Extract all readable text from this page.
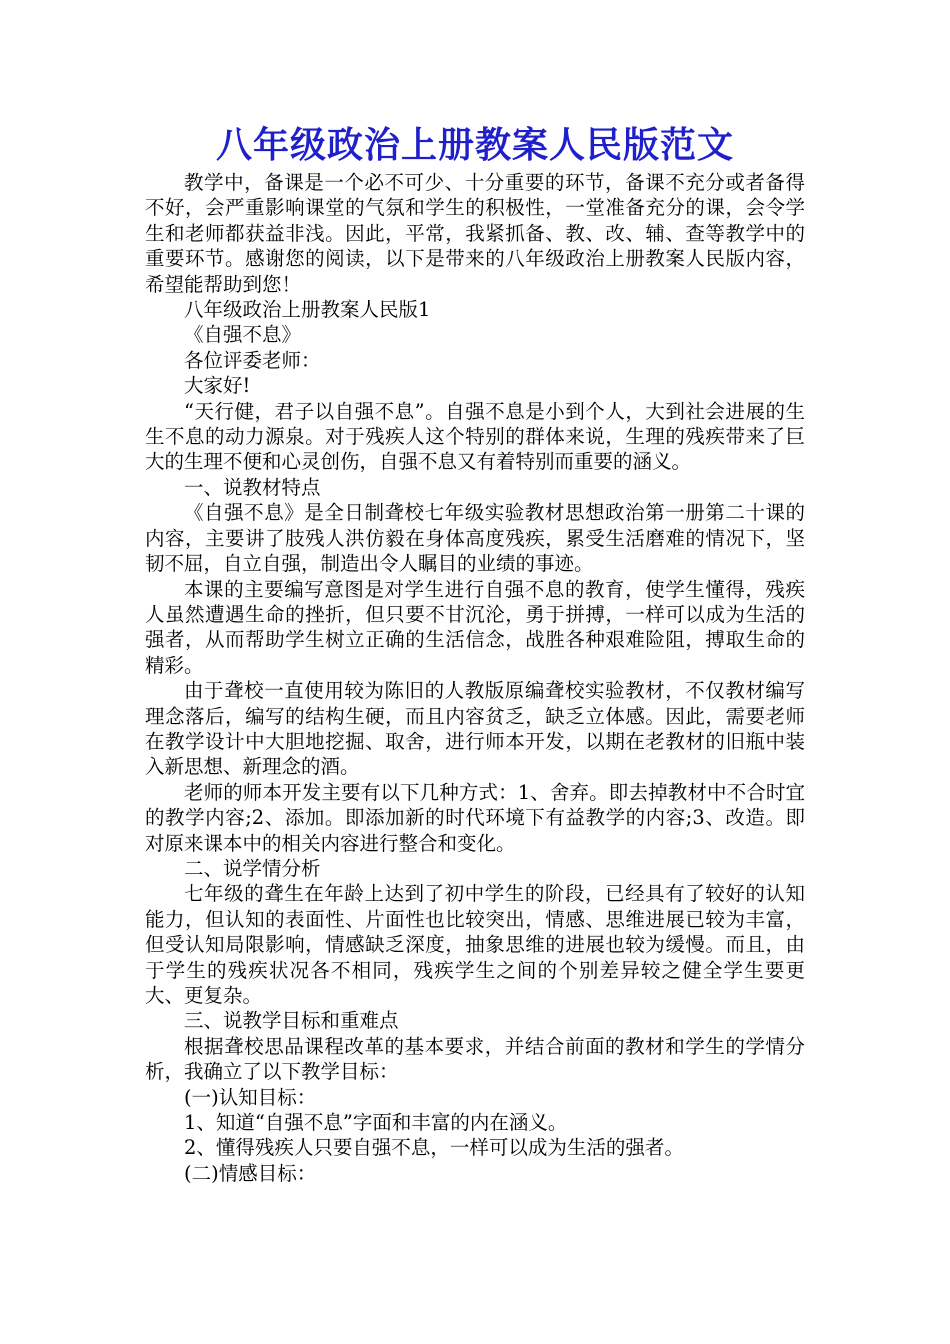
八年级政治上册教案人民版范文

教学中，备课是一个必不可少、十分重要的环节，备课不充分或者备得不好，会严重影响课堂的气氛和学生的积极性，一堂准备充分的课，会令学生和老师都获益非浅。因此，平常，我紧抓备、教、改、辅、查等教学中的重要环节。感谢您的阅读，以下是带来的八年级政治上册教案人民版内容，希望能帮助到您！

八年级政治上册教案人民版1

《自强不息》

各位评委老师：

大家好!

“天行健，君子以自强不息”。自强不息是小到个人，大到社会进展的生生不息的动力源泉。对于残疾人这个特别的群体来说，生理的残疾带来了巨大的生理不便和心灵创伤，自强不息又有着特别而重要的涵义。

一、说教材特点

《自强不息》是全日制聋校七年级实验教材思想政治第一册第二十课的内容，主要讲了肢残人洪仿毅在身体高度残疾，累受生活磨难的情况下，坚韧不屈，自立自强，制造出令人瞩目的业绩的事迹。

本课的主要编写意图是对学生进行自强不息的教育，使学生懂得，残疾人虽然遭遇生命的挫折，但只要不甘沉沦，勇于拼搏，一样可以成为生活的强者，从而帮助学生树立正确的生活信念，战胜各种艰难险阻，搏取生命的精彩。

由于聋校一直使用较为陈旧的人教版原编聋校实验教材，不仅教材编写理念落后，编写的结构生硬，而且内容贫乏，缺乏立体感。因此，需要老师在教学设计中大胆地挖掘、取舍，进行师本开发，以期在老教材的旧瓶中装入新思想、新理念的酒。

老师的师本开发主要有以下几种方式：1、舍弃。即去掉教材中不合时宜的教学内容;2、添加。即添加新的时代环境下有益教学的内容;3、改造。即对原来课本中的相关内容进行整合和变化。

二、说学情分析

七年级的聋生在年龄上达到了初中学生的阶段，已经具有了较好的认知能力，但认知的表面性、片面性也比较突出，情感、思维进展已较为丰富，但受认知局限影响，情感缺乏深度，抽象思维的进展也较为缓慢。而且，由于学生的残疾状况各不相同，残疾学生之间的个别差异较之健全学生要更大、更复杂。

三、说教学目标和重难点

根据聋校思品课程改革的基本要求，并结合前面的教材和学生的学情分析，我确立了以下教学目标：

(一)认知目标：

1、知道“自强不息”字面和丰富的内在涵义。

2、懂得残疾人只要自强不息，一样可以成为生活的强者。

(二)情感目标：
